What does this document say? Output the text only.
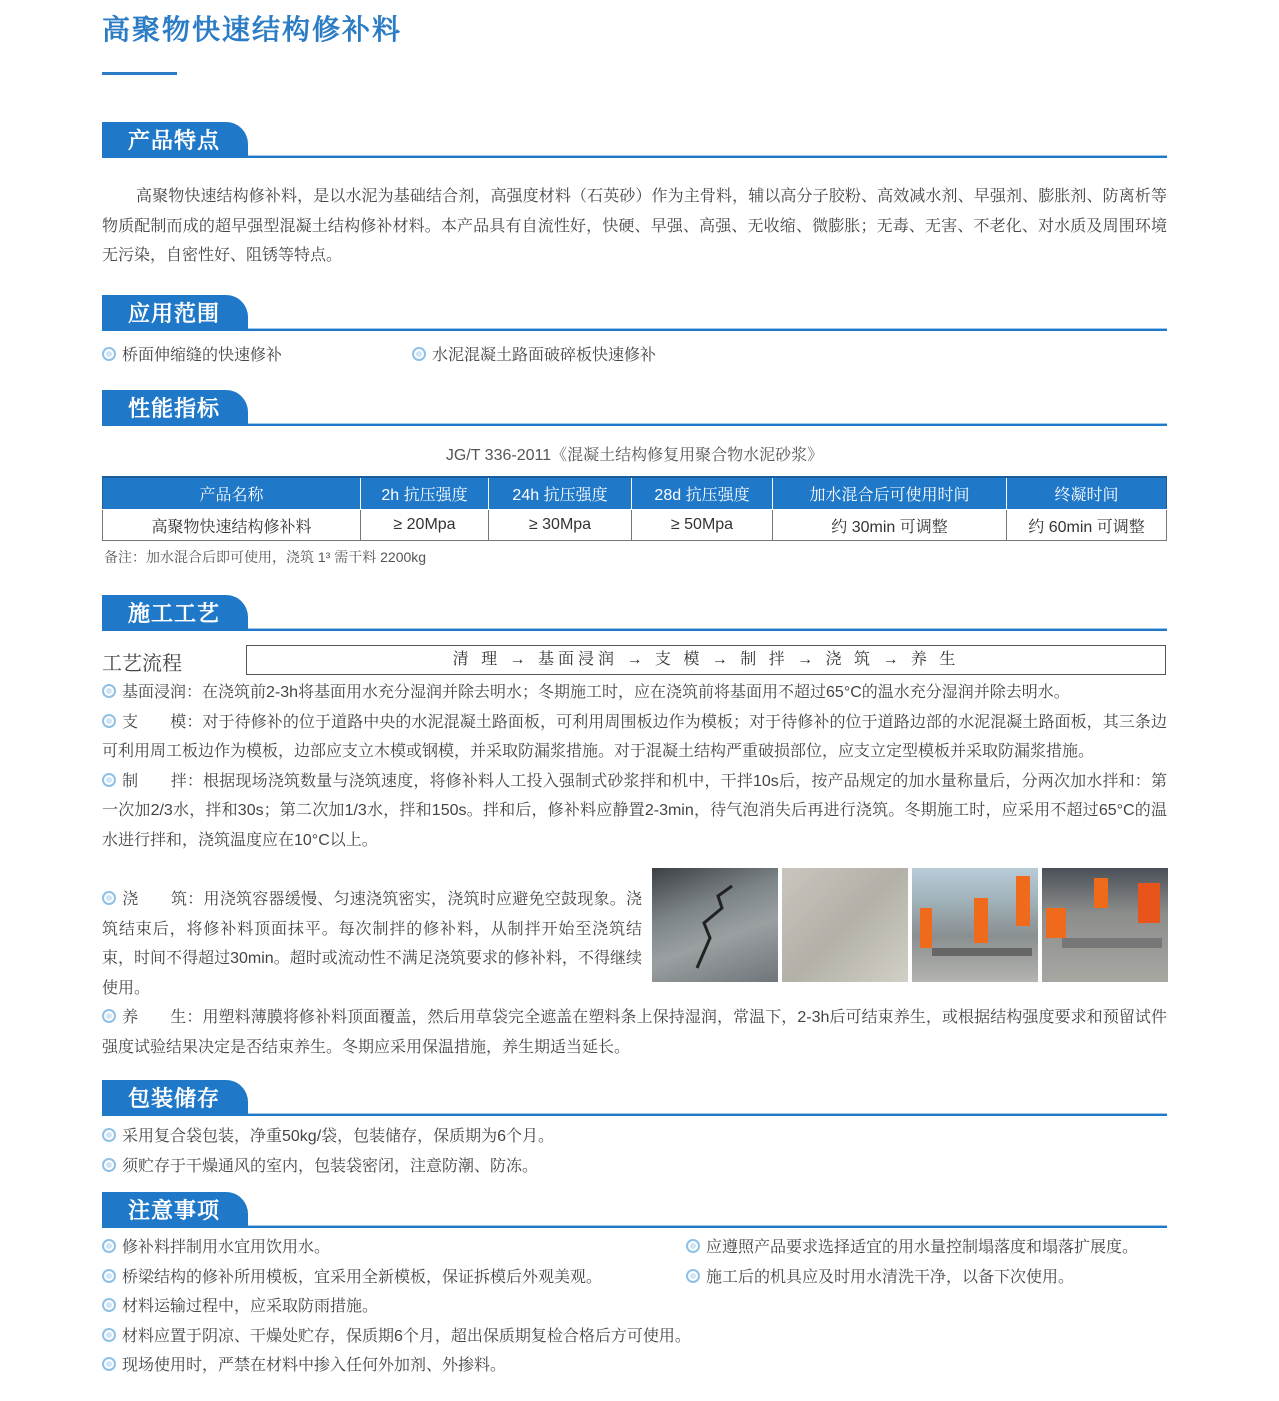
高聚物快速结构修补料
产品特点

高聚物快速结构修补料，是以水泥为基础结合剂，高强度材料（石英砂）作为主骨料，辅以高分子胶粉、高效减水剂、早强剂、膨胀剂、防离析等物质配制而成的超早强型混凝土结构修补材料。本产品具有自流性好，快硬、早强、高强、无收缩、微膨胀；无毒、无害、不老化、对水质及周围环境无污染，自密性好、阻锈等特点。

应用范围
桥面伸缩缝的快速修补	水泥混凝土路面破碎板快速修补
性能指标
JG/T 336-2011《混凝土结构修复用聚合物水泥砂浆》
产品名称	2h 抗压强度	24h 抗压强度	28d 抗压强度	加水混合后可使用时间	终凝时间
高聚物快速结构修补料	≥ 20Mpa	≥ 30Mpa	≥ 50Mpa	约 30min 可调整	约 60min 可调整
备注：加水混合后即可使用，浇筑 1³ 需干料 2200kg
施工工艺
工艺流程	清 理 → 基面浸润 → 支 模 → 制 拌 → 浇 筑 → 养 生

基面浸润：在浇筑前2-3h将基面用水充分湿润并除去明水；冬期施工时，应在浇筑前将基面用不超过65°C的温水充分湿润并除去明水。

支　　模：对于待修补的位于道路中央的水泥混凝土路面板，可利用周围板边作为模板；对于待修补的位于道路边部的水泥混凝土路面板，其三条边可利用周工板边作为模板，边部应支立木模或钢模，并采取防漏浆措施。对于混凝土结构严重破损部位，应支立定型模板并采取防漏浆措施。

制　　拌：根据现场浇筑数量与浇筑速度，将修补料人工投入强制式砂浆拌和机中，干拌10s后，按产品规定的加水量称量后，分两次加水拌和：第一次加2/3水，拌和30s；第二次加1/3水，拌和150s。拌和后，修补料应静置2-3min，待气泡消失后再进行浇筑。冬期施工时，应采用不超过65°C的温水进行拌和，浇筑温度应在10°C以上。

浇　　筑：用浇筑容器缓慢、匀速浇筑密实，浇筑时应避免空鼓现象。浇筑结束后，将修补料顶面抹平。每次制拌的修补料，从制拌开始至浇筑结束，时间不得超过30min。超时或流动性不满足浇筑要求的修补料，不得继续使用。

养　　生：用塑料薄膜将修补料顶面覆盖，然后用草袋完全遮盖在塑料条上保持湿润，常温下，2-3h后可结束养生，或根据结构强度要求和预留试件强度试验结果决定是否结束养生。冬期应采用保温措施，养生期适当延长。

包装储存
采用复合袋包装，净重50kg/袋，包装储存，保质期为6个月。
须贮存于干燥通风的室内，包装袋密闭，注意防潮、防冻。
注意事项
修补料拌制用水宜用饮用水。
桥梁结构的修补所用模板，宜采用全新模板，保证拆模后外观美观。
材料运输过程中，应采取防雨措施。
材料应置于阴凉、干燥处贮存，保质期6个月，超出保质期复检合格后方可使用。
现场使用时，严禁在材料中掺入任何外加剂、外掺料。
应遵照产品要求选择适宜的用水量控制塌落度和塌落扩展度。
施工后的机具应及时用水清洗干净，以备下次使用。
